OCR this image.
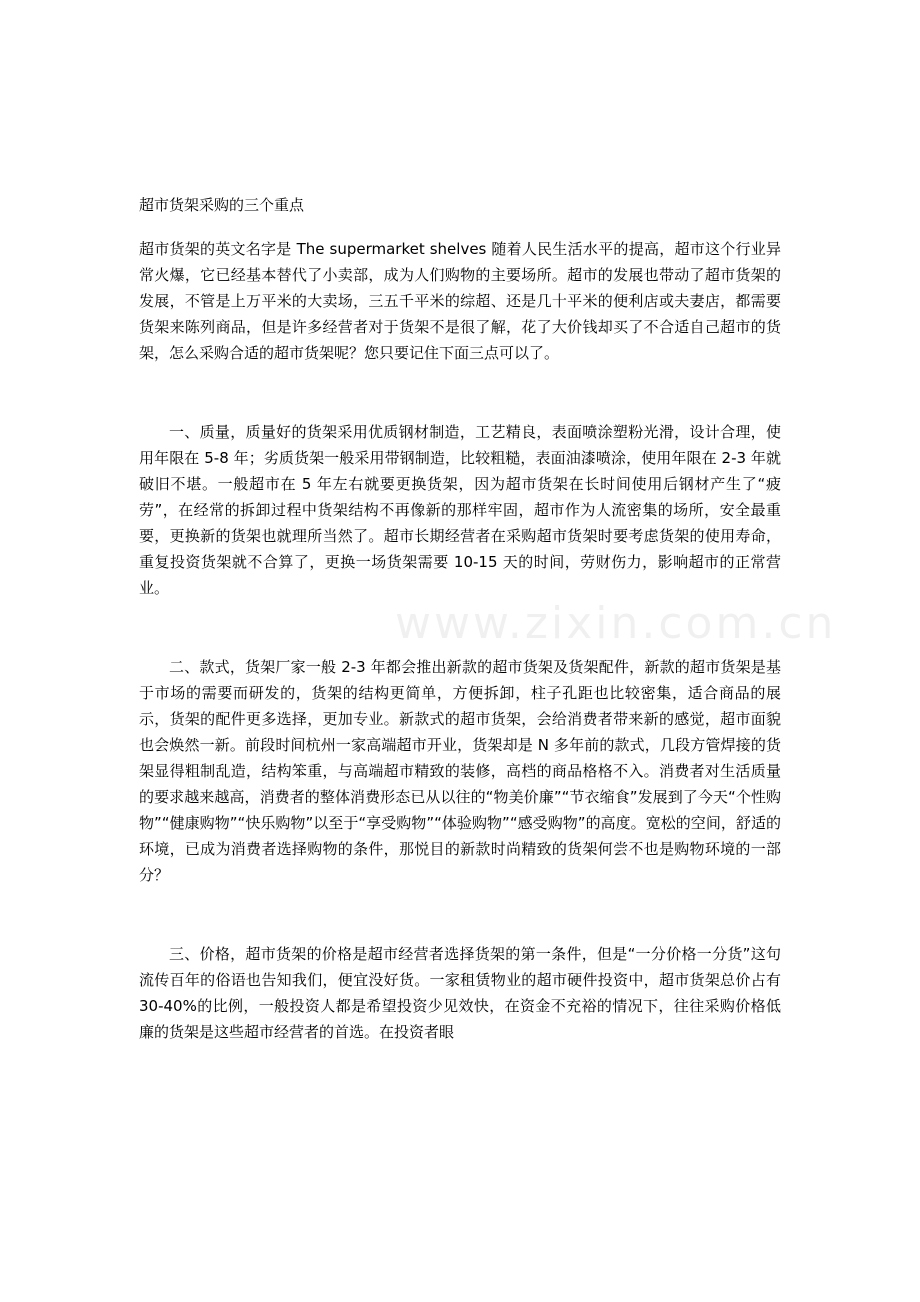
超市货架采购的三个重点

超市货架的英文名字是 The supermarket shelves 随着人民生活水平的提高，超市这个行业异常火爆，它已经基本替代了小卖部，成为人们购物的主要场所。超市的发展也带动了超市货架的发展，不管是上万平米的大卖场，三五千平米的综超、还是几十平米的便利店或夫妻店，都需要货架来陈列商品，但是许多经营者对于货架不是很了解，花了大价钱却买了不合适自己超市的货架，怎么采购合适的超市货架呢？您只要记住下面三点可以了。

一、质量，质量好的货架采用优质钢材制造，工艺精良，表面喷涂塑粉光滑，设计合理，使用年限在 5-8 年；劣质货架一般采用带钢制造，比较粗糙，表面油漆喷涂，使用年限在 2-3 年就破旧不堪。一般超市在 5 年左右就要更换货架，因为超市货架在长时间使用后钢材产生了“疲劳”，在经常的拆卸过程中货架结构不再像新的那样牢固，超市作为人流密集的场所，安全最重要，更换新的货架也就理所当然了。超市长期经营者在采购超市货架时要考虑货架的使用寿命，重复投资货架就不合算了，更换一场货架需要 10-15 天的时间，劳财伤力，影响超市的正常营业。

二、款式，货架厂家一般 2-3 年都会推出新款的超市货架及货架配件，新款的超市货架是基于市场的需要而研发的，货架的结构更简单，方便拆卸，柱子孔距也比较密集，适合商品的展示，货架的配件更多选择，更加专业。新款式的超市货架，会给消费者带来新的感觉，超市面貌也会焕然一新。前段时间杭州一家高端超市开业，货架却是 N 多年前的款式，几段方管焊接的货架显得粗制乱造，结构笨重，与高端超市精致的装修，高档的商品格格不入。消费者对生活质量的要求越来越高，消费者的整体消费形态已从以往的“物美价廉”“节衣缩食”发展到了今天“个性购物”“健康购物”“快乐购物”以至于“享受购物”“体验购物”“感受购物”的高度。宽松的空间，舒适的环境，已成为消费者选择购物的条件，那悦目的新款时尚精致的货架何尝不也是购物环境的一部分？

三、价格，超市货架的价格是超市经营者选择货架的第一条件，但是“一分价格一分货”这句流传百年的俗语也告知我们，便宜没好货。一家租赁物业的超市硬件投资中，超市货架总价占有 30-40%的比例，一般投资人都是希望投资少见效快，在资金不充裕的情况下，往往采购价格低廉的货架是这些超市经营者的首选。在投资者眼

www.zixin.com.cn
